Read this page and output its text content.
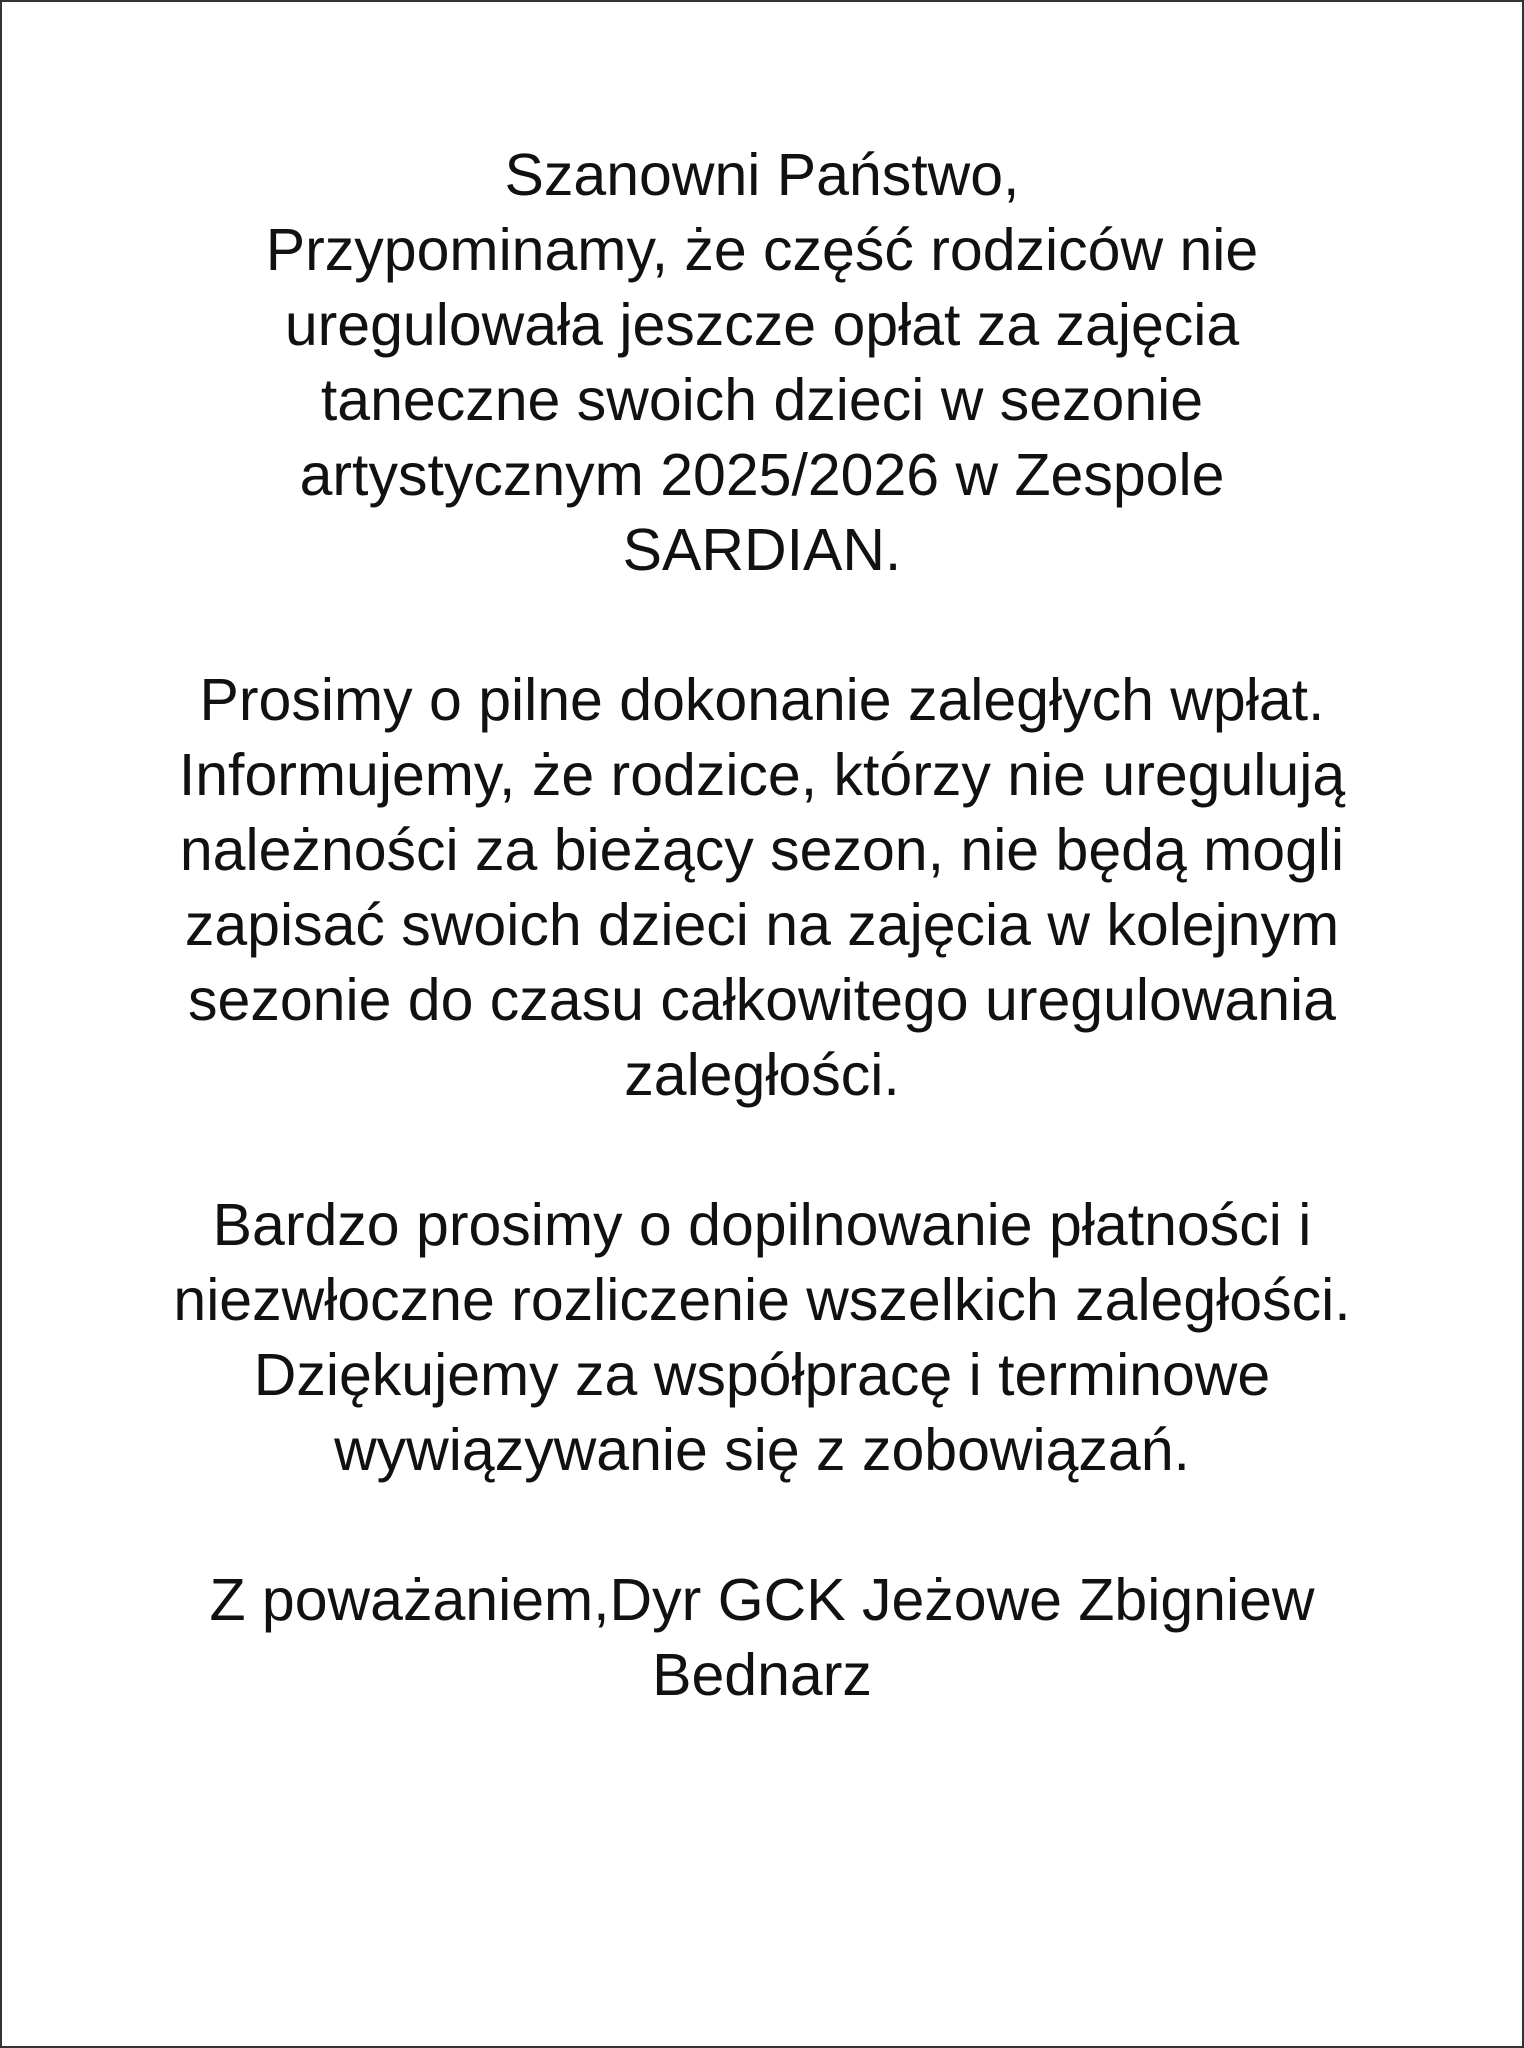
Szanowni Państwo,
Przypominamy, że część rodziców nie
uregulowała jeszcze opłat za zajęcia
taneczne swoich dzieci w sezonie
artystycznym 2025/2026 w Zespole
SARDIAN.
Prosimy o pilne dokonanie zaległych wpłat.
Informujemy, że rodzice, którzy nie uregulują
należności za bieżący sezon, nie będą mogli
zapisać swoich dzieci na zajęcia w kolejnym
sezonie do czasu całkowitego uregulowania
zaległości.
Bardzo prosimy o dopilnowanie płatności i
niezwłoczne rozliczenie wszelkich zaległości.
Dziękujemy za współpracę i terminowe
wywiązywanie się z zobowiązań.
Z poważaniem,Dyr GCK Jeżowe Zbigniew
Bednarz
